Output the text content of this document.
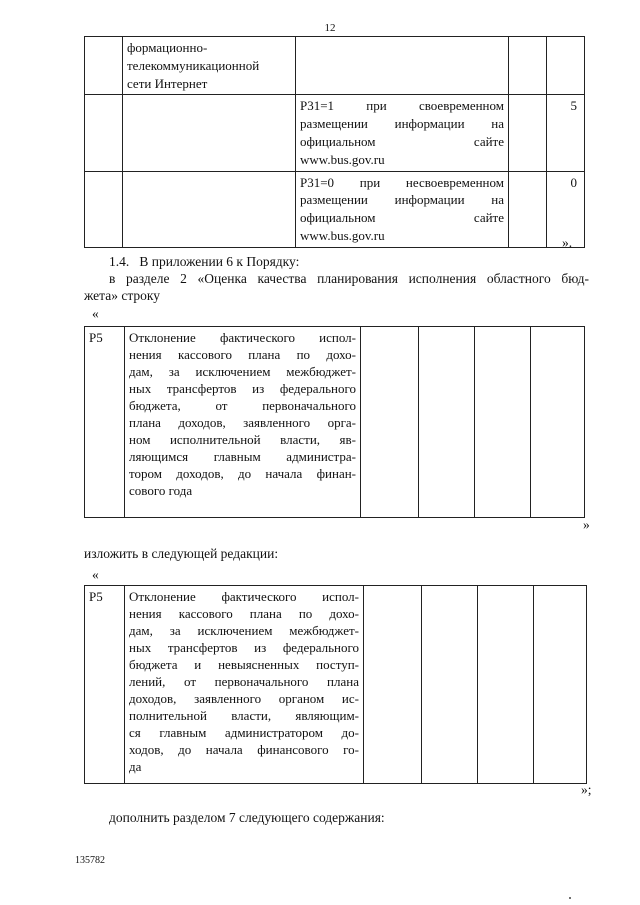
12

	формационно-
телекоммуникационной
сети Интернет			

		Р31=1 при своевременном
размещении информации на
официальном сайте
www.bus.gov.ru		5

		Р31=0 при несвоевременном
размещении информации на
официальном сайте
www.bus.gov.ru		0
».
1.4.   В приложении 6 к Порядку:
в разделе 2 «Оценка качества планирования исполнения областного бюд-
жета» строку
«
Р5	Отклонение фактического испол-
нения кассового плана по дохо-
дам, за исключением межбюджет-
ных трансфертов из федерального
бюджета, от первоначального
плана доходов, заявленного орга-
ном исполнительной власти, яв-
ляющимся главным администра-
тором доходов, до начала финан-
сового года

»
изложить в следующей редакции:
«
Р5	Отклонение фактического испол-
нения кассового плана по дохо-
дам, за исключением межбюджет-
ных трансфертов из федерального
бюджета и невыясненных поступ-
лений, от первоначального плана
доходов, заявленного органом ис-
полнительной власти, являющим-
ся главным администратором до-
ходов, до начала финансового го-
да

»;
дополнить разделом 7 следующего содержания:
135782
